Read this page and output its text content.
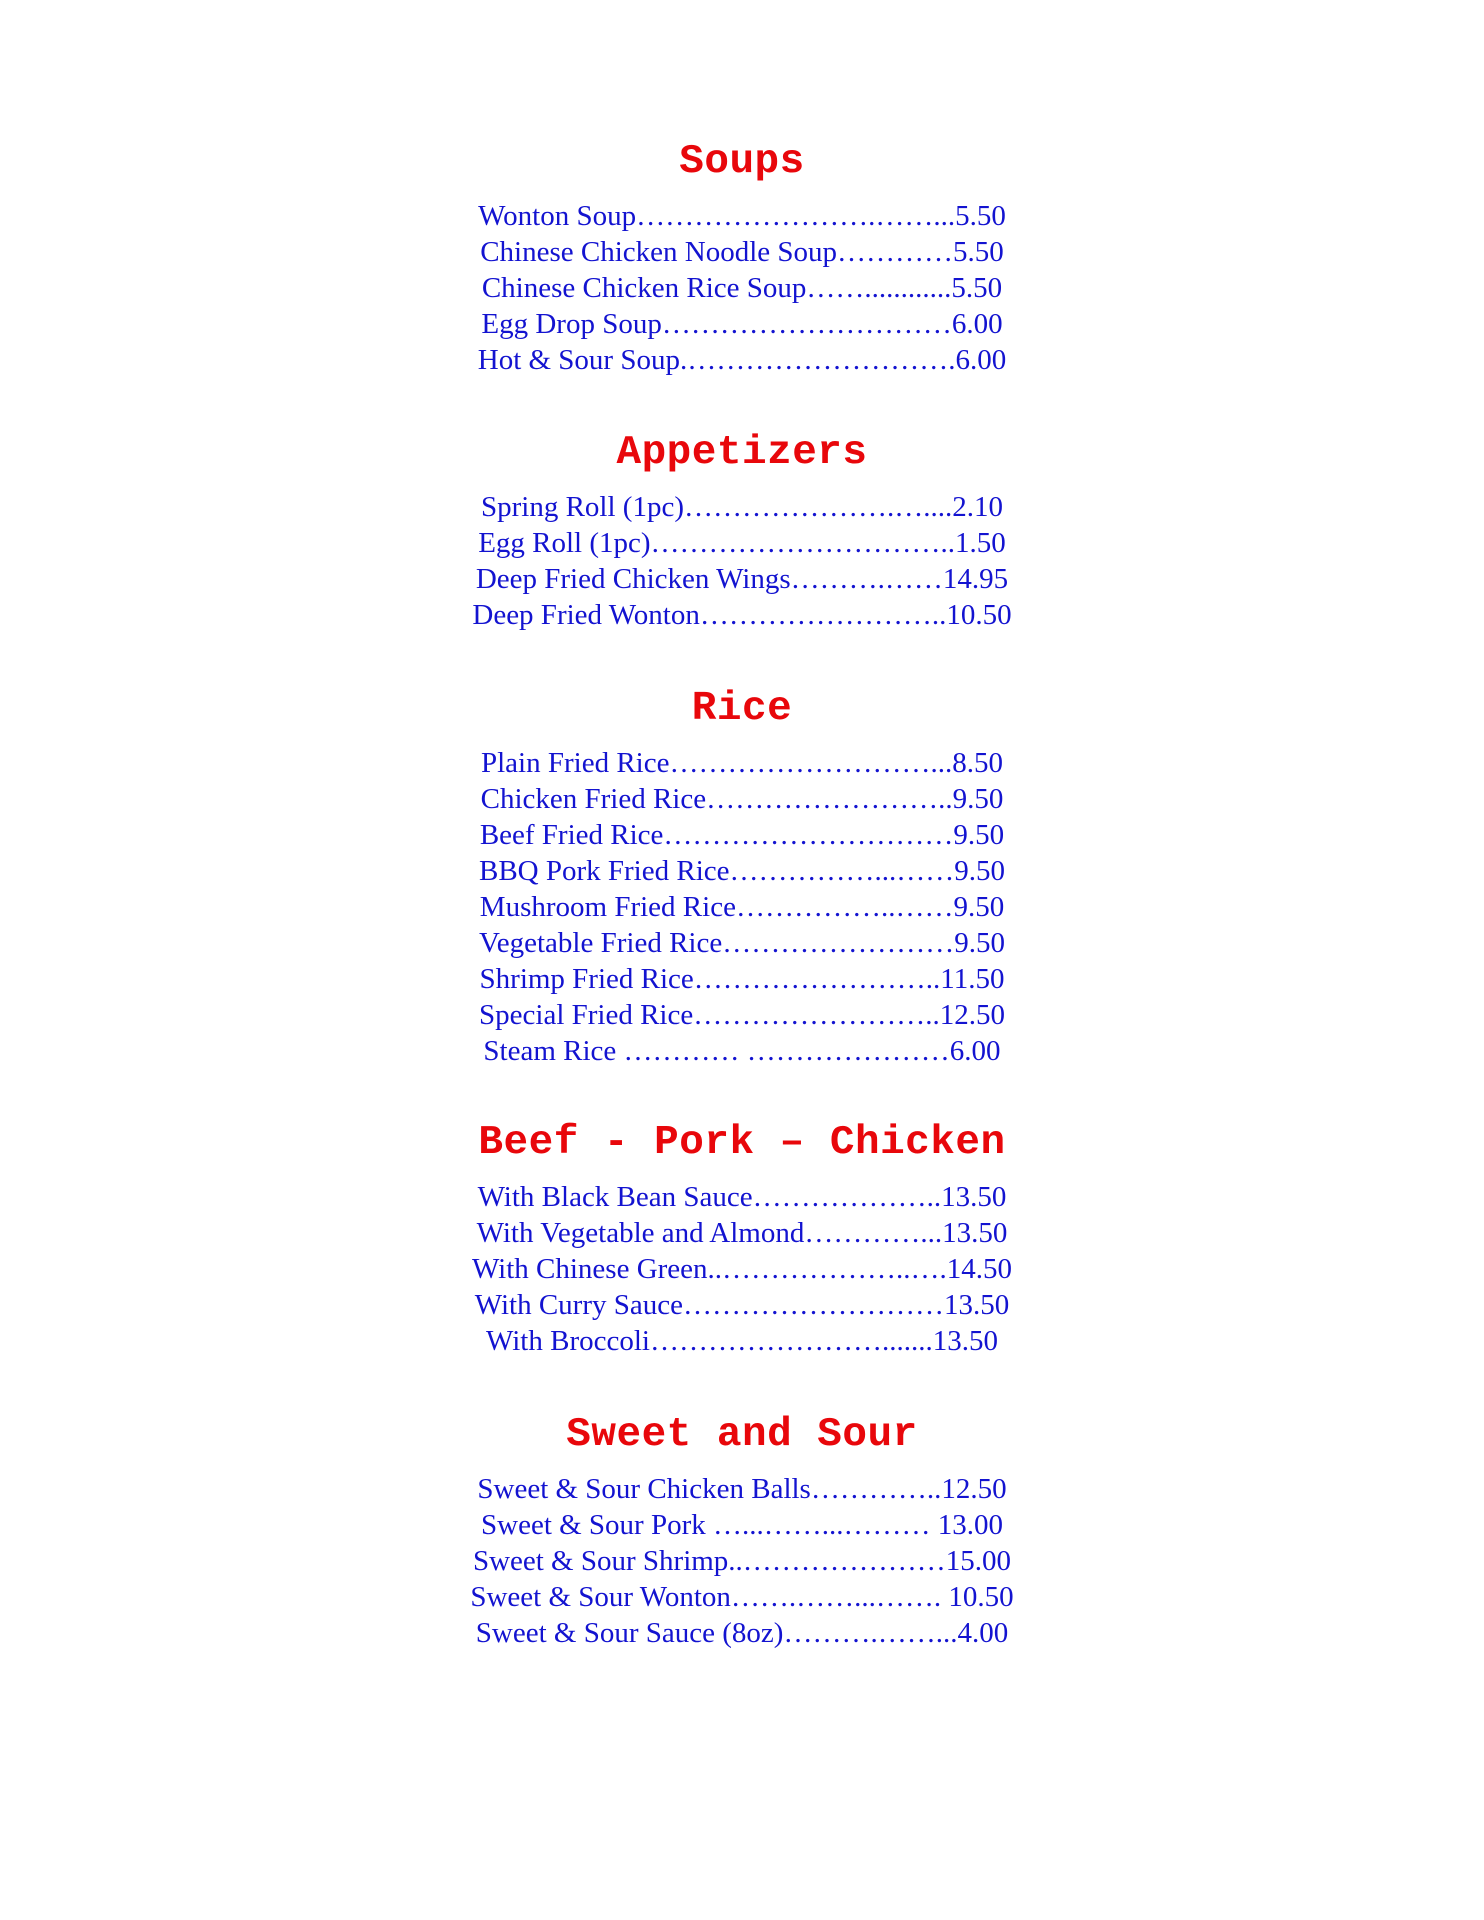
Soups
Wonton Soup…………………….……...5.50
Chinese Chicken Noodle Soup…………5.50
Chinese Chicken Rice Soup……............5.50
Egg Drop Soup…………………………6.00
Hot & Sour Soup.……………………….6.00
Appetizers
Spring Roll (1pc)………………….…....2.10
Egg Roll (1pc)…………………………..1.50
Deep Fried Chicken Wings……….……14.95
Deep Fried Wonton……………………..10.50
Rice
Plain Fried Rice………………………...8.50
Chicken Fried Rice……………………..9.50
Beef Fried Rice…………………………9.50
BBQ Pork Fried Rice……………...……9.50
Mushroom Fried Rice……………..……9.50
Vegetable Fried Rice……………………9.50
Shrimp Fried Rice……………………..11.50
Special Fried Rice……………………..12.50
Steam Rice ………… …………………6.00
Beef - Pork – Chicken
With Black Bean Sauce………………..13.50
With Vegetable and Almond…………...13.50
With Chinese Green..………………..….14.50
With Curry Sauce………………………13.50
With Broccoli…………………….......13.50
Sweet and Sour
Sweet & Sour Chicken Balls…………..12.50
Sweet & Sour Pork …...……...……… 13.00
Sweet & Sour Shrimp..…………………15.00
Sweet & Sour Wonton…….……...……. 10.50
Sweet & Sour Sauce (8oz)……….……...4.00
